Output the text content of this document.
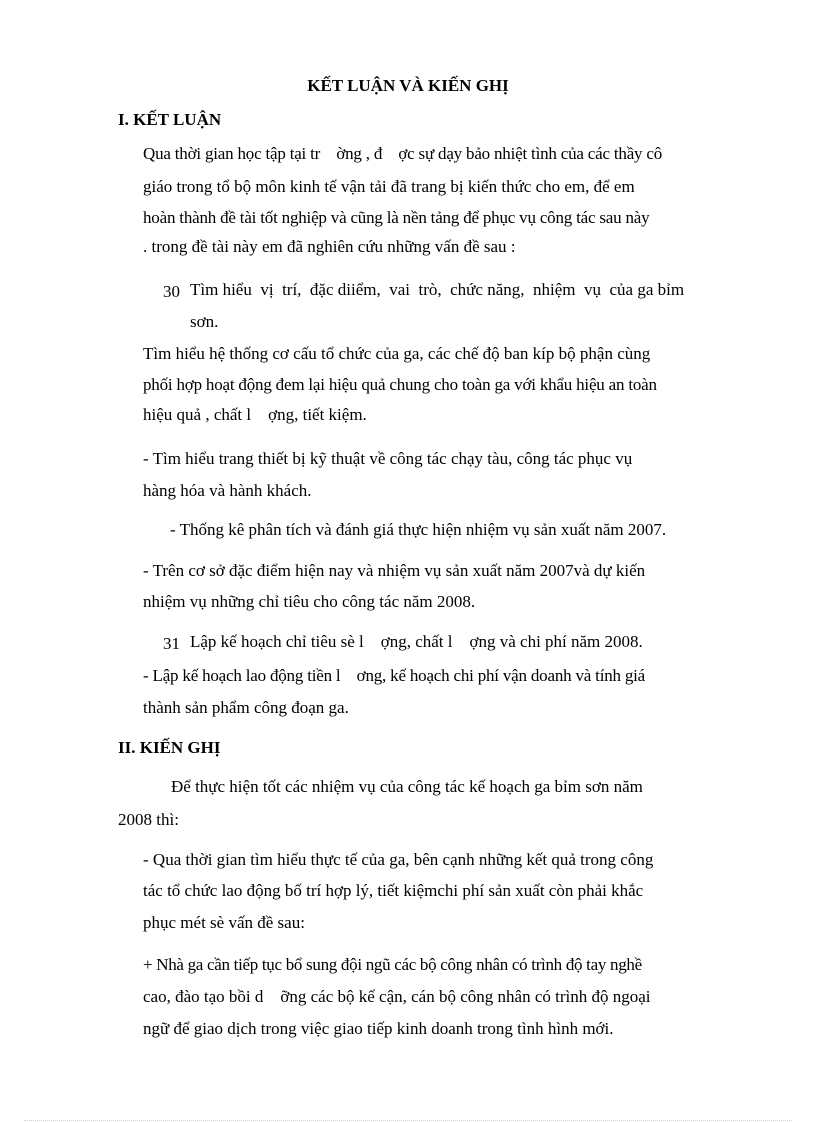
KẾT LUẬN VÀ KIẾN GHỊ
I. KẾT LUẬN
Qua thời gian học tập tại tr    ờng , đ    ợc sự dạy bảo nhiệt tình của các thầy cô
giáo trong tổ bộ môn kinh tế vận tải đã trang bị kiến thức cho em, để em
hoàn thành đề tài tốt nghiệp và cũng là nền tảng để phục vụ công tác sau này
. trong đề tài này em đã nghiên cứu những vấn đề sau :
30 Tìm hiểu  vị  trí,  đặc diiểm,  vai  trò,  chức năng,  nhiệm  vụ  của ga bỉm
sơn.
Tìm hiểu hệ thống cơ cấu tổ chức của ga, các chế độ ban kíp bộ phận cùng
phối hợp hoạt động đem lại hiệu quả chung cho toàn ga với khẩu hiệu an toàn
hiệu quả , chất l    ợng, tiết kiệm.
- Tìm hiểu trang thiết bị kỹ thuật về công tác chạy tàu, công tác phục vụ
hàng hóa và hành khách.
- Thống kê phân tích và đánh giá thực hiện nhiệm vụ sản xuất năm 2007.
- Trên cơ sở đặc điểm hiện nay và nhiệm vụ sản xuất năm 2007và dự kiến
nhiệm vụ những chỉ tiêu cho công tác năm 2008.
31 Lập kế hoạch chỉ tiêu sè l    ợng, chất l    ợng và chi phí năm 2008.
- Lập kế hoạch lao động tiền l    ơng, kế hoạch chi phí vận doanh và tính giá
thành sản phẩm công đoạn ga.
II. KIẾN GHỊ
Để thực hiện tốt các nhiệm vụ của công tác kế hoạch ga bỉm sơn năm
2008 thì:
- Qua thời gian tìm hiểu thực tế của ga, bên cạnh những kết quả trong công
tác tổ chức lao động bố trí hợp lý, tiết kiệmchi phí sản xuất còn phải khắc
phục mét sè vấn đề sau:
+ Nhà ga cần tiếp tục bổ sung đội ngũ các bộ công nhân có trình độ tay nghề
cao, đào tạo bồi d    ỡng các bộ kế cận, cán bộ công nhân có trình độ ngoại
ngữ để giao dịch trong việc giao tiếp kinh doanh trong tình hình mới.
